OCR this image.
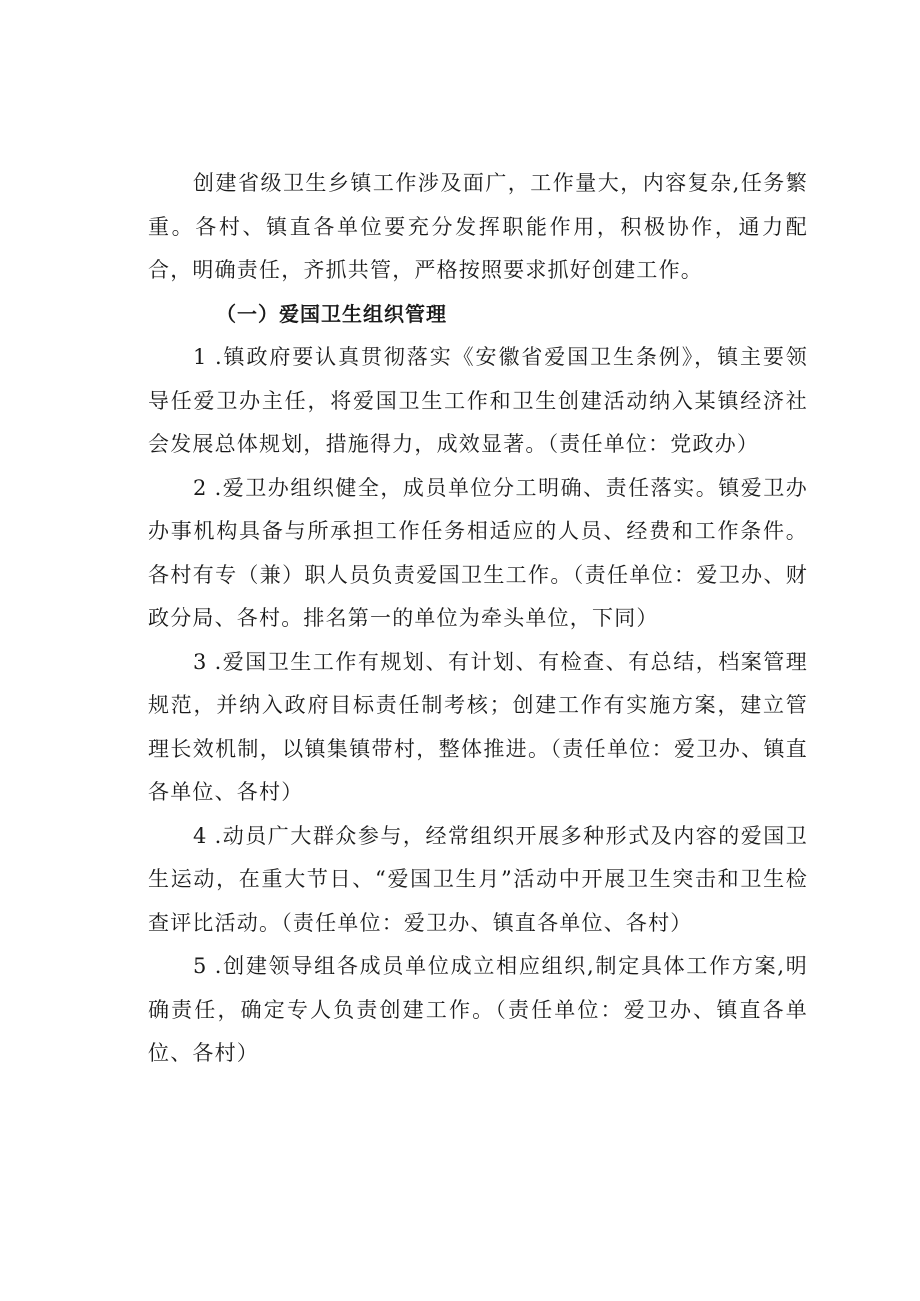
创建省级卫生乡镇工作涉及面广，工作量大，内容复杂,任务繁重。各村、镇直各单位要充分发挥职能作用，积极协作，通力配合，明确责任，齐抓共管，严格按照要求抓好创建工作。

（一）爱国卫生组织管理

1 .镇政府要认真贯彻落实《安徽省爱国卫生条例》，镇主要领导任爱卫办主任，将爱国卫生工作和卫生创建活动纳入某镇经济社会发展总体规划，措施得力，成效显著。（责任单位：党政办）

2 .爱卫办组织健全，成员单位分工明确、责任落实。镇爱卫办办事机构具备与所承担工作任务相适应的人员、经费和工作条件。各村有专（兼）职人员负责爱国卫生工作。（责任单位：爱卫办、财政分局、各村。排名第一的单位为牵头单位，下同）

3 .爱国卫生工作有规划、有计划、有检查、有总结，档案管理规范，并纳入政府目标责任制考核；创建工作有实施方案，建立管理长效机制，以镇集镇带村，整体推进。（责任单位：爱卫办、镇直各单位、各村）

4 .动员广大群众参与，经常组织开展多种形式及内容的爱国卫生运动，在重大节日、“爱国卫生月”活动中开展卫生突击和卫生检查评比活动。（责任单位：爱卫办、镇直各单位、各村）

5 .创建领导组各成员单位成立相应组织,制定具体工作方案,明确责任，确定专人负责创建工作。（责任单位：爱卫办、镇直各单位、各村）
